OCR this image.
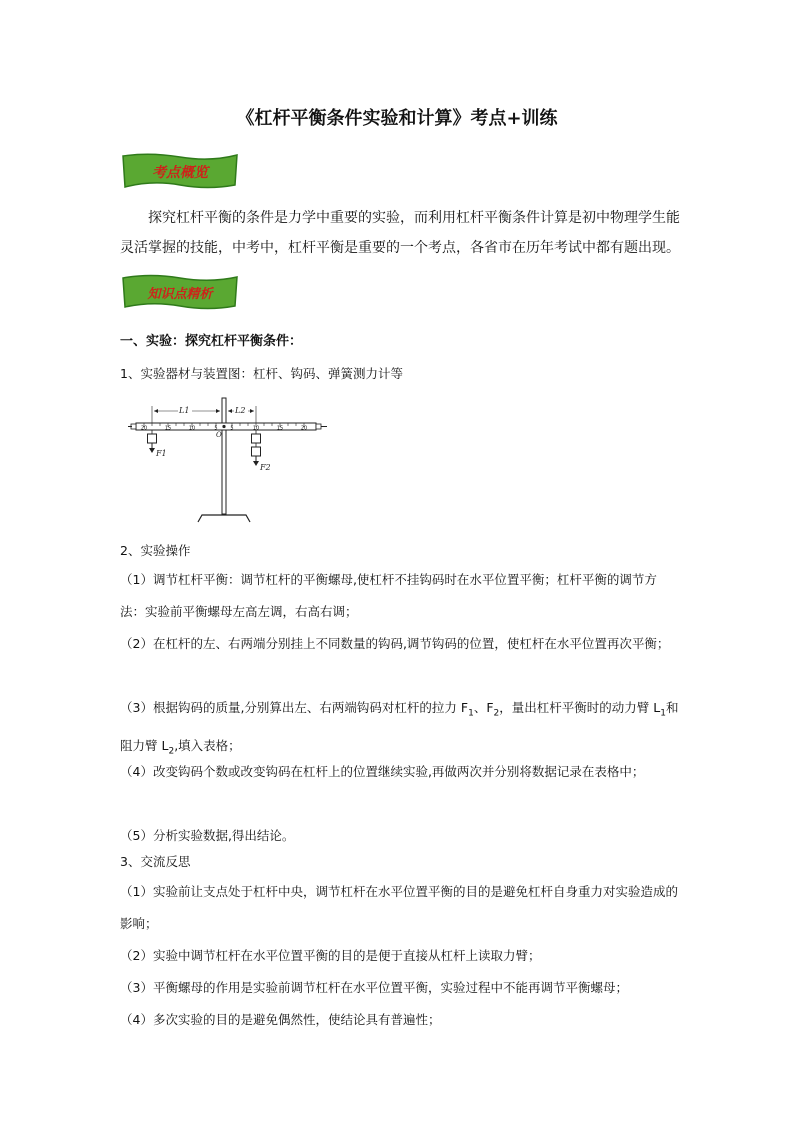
《杠杆平衡条件实验和计算》考点+训练
考点概览
探究杠杆平衡的条件是力学中重要的实验，而利用杠杆平衡条件计算是初中物理学生能灵活掌握的技能，中考中，杠杆平衡是重要的一个考点，各省市在历年考试中都有题出现。
知识点精析
一、实验：探究杠杆平衡条件：
1、实验器材与装置图：杠杆、钩码、弹簧测力计等
20	15	10	5	5	10	15	20
O
L1	L2
F1
F2
2、实验操作
（1）调节杠杆平衡：调节杠杆的平衡螺母,使杠杆不挂钩码时在水平位置平衡；杠杆平衡的调节方法：实验前平衡螺母左高左调，右高右调；
（2）在杠杆的左、右两端分别挂上不同数量的钩码,调节钩码的位置，使杠杆在水平位置再次平衡；
（3）根据钩码的质量,分别算出左、右两端钩码对杠杆的拉力 $F_1$、$F_2$，量出杠杆平衡时的动力臂 $L_1$和阻力臂 $L_2$,填入表格；
（4）改变钩码个数或改变钩码在杠杆上的位置继续实验,再做两次并分别将数据记录在表格中；
（5）分析实验数据,得出结论。
3、交流反思
（1）实验前让支点处于杠杆中央，调节杠杆在水平位置平衡的目的是避免杠杆自身重力对实验造成的影响；
（2）实验中调节杠杆在水平位置平衡的目的是便于直接从杠杆上读取力臂；
（3）平衡螺母的作用是实验前调节杠杆在水平位置平衡，实验过程中不能再调节平衡螺母；
（4）多次实验的目的是避免偶然性，使结论具有普遍性；
